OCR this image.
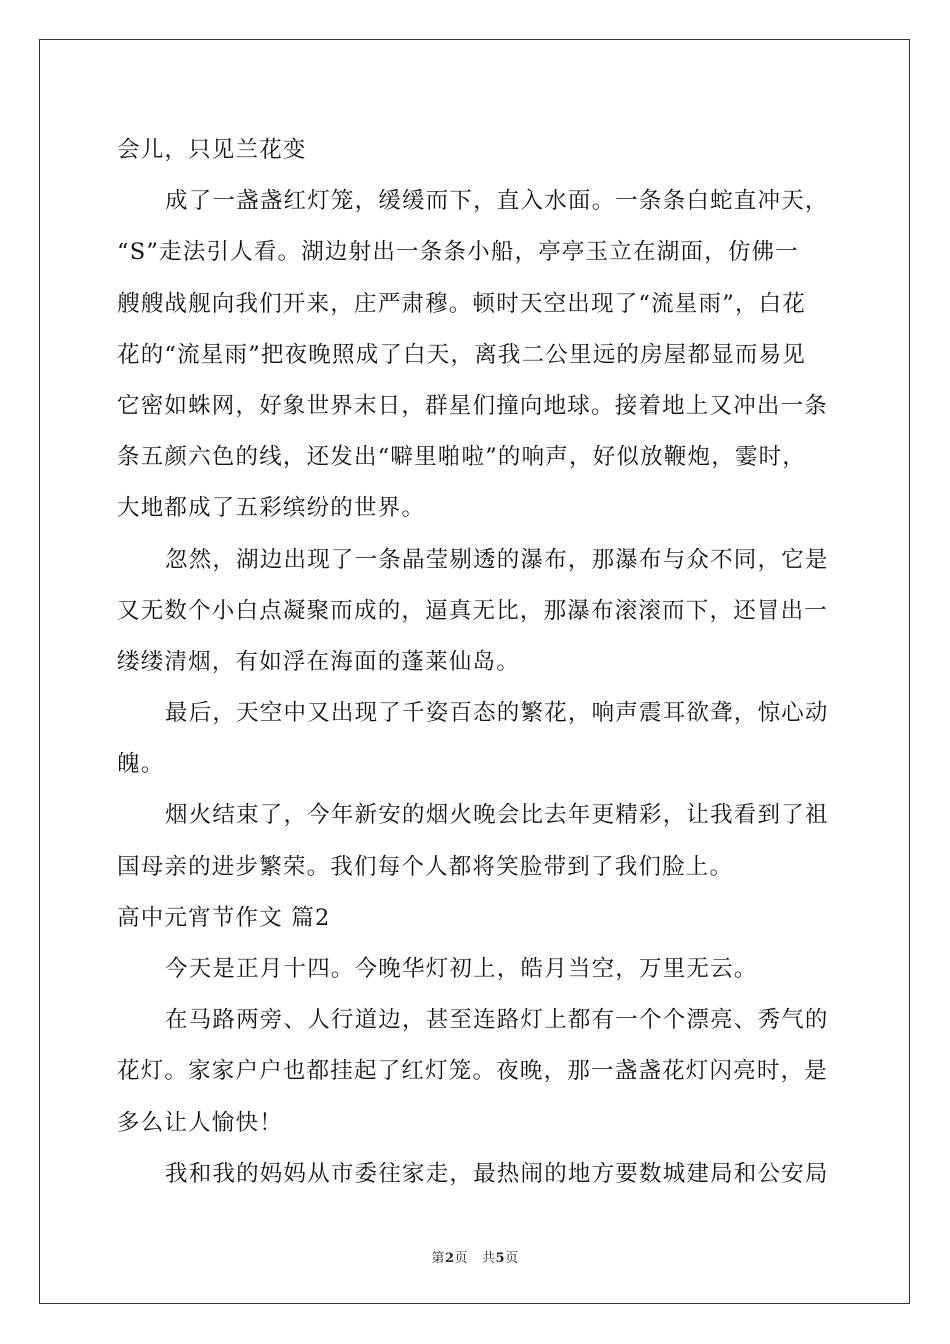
会儿，只见兰花变
成了一盏盏红灯笼，缓缓而下，直入水面。一条条白蛇直冲天，
“S”走法引人看。湖边射出一条条小船，亭亭玉立在湖面，仿佛一
艘艘战舰向我们开来，庄严肃穆。顿时天空出现了“流星雨”，白花
花的“流星雨”把夜晚照成了白天，离我二公里远的房屋都显而易见
它密如蛛网，好象世界末日，群星们撞向地球。接着地上又冲出一条
条五颜六色的线，还发出“噼里啪啦”的响声，好似放鞭炮，霎时，
大地都成了五彩缤纷的世界。
忽然，湖边出现了一条晶莹剔透的瀑布，那瀑布与众不同，它是
又无数个小白点凝聚而成的，逼真无比，那瀑布滚滚而下，还冒出一
缕缕清烟，有如浮在海面的蓬莱仙岛。
最后，天空中又出现了千姿百态的繁花，响声震耳欲聋，惊心动
魄。
烟火结束了，今年新安的烟火晚会比去年更精彩，让我看到了祖
国母亲的进步繁荣。我们每个人都将笑脸带到了我们脸上。
高中元宵节作文 篇2
今天是正月十四。今晚华灯初上，皓月当空，万里无云。
在马路两旁、人行道边，甚至连路灯上都有一个个漂亮、秀气的
花灯。家家户户也都挂起了红灯笼。夜晚，那一盏盏花灯闪亮时，是
多么让人愉快！
我和我的妈妈从市委往家走，最热闹的地方要数城建局和公安局
第2页 共5页
